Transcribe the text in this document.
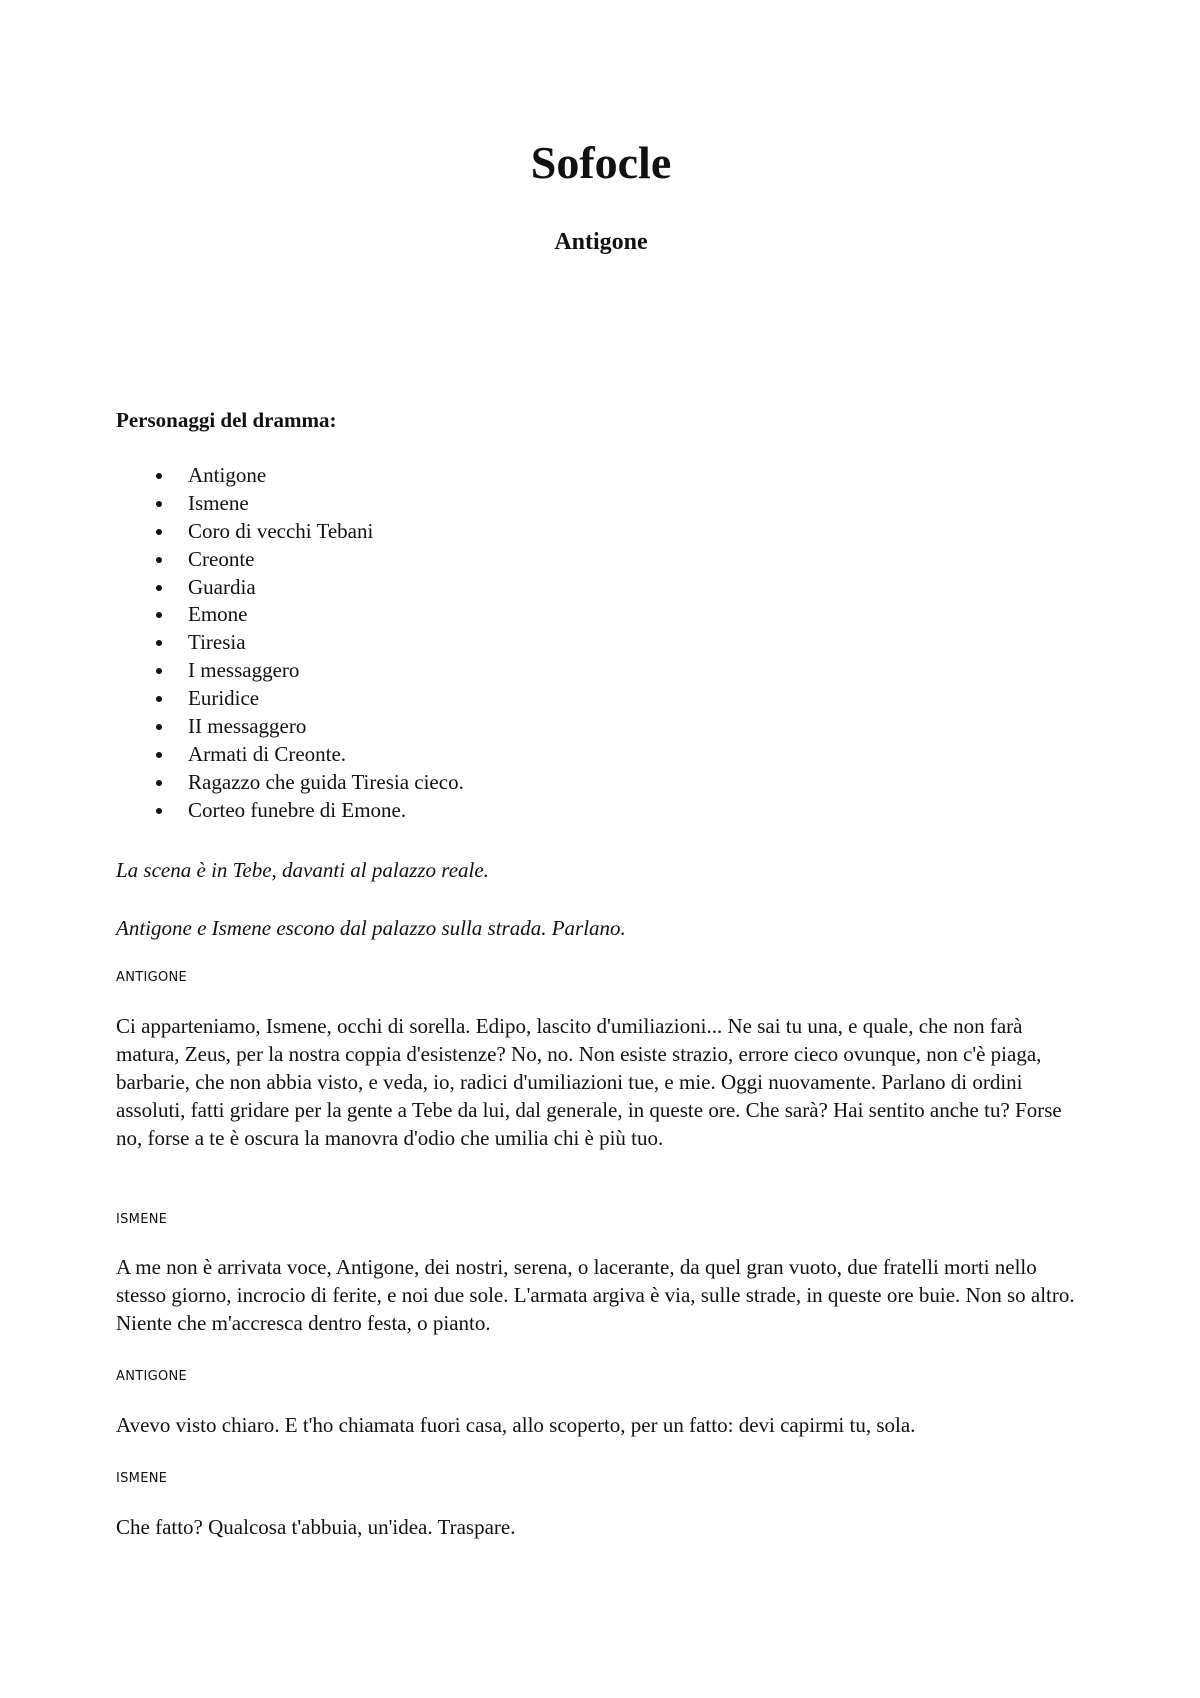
Sofocle
Antigone

Personaggi del dramma:

Antigone
Ismene
Coro di vecchi Tebani
Creonte
Guardia
Emone
Tiresia
I messaggero
Euridice
II messaggero
Armati di Creonte.
Ragazzo che guida Tiresia cieco.
Corteo funebre di Emone.

La scena è in Tebe, davanti al palazzo reale.

Antigone e Ismene escono dal palazzo sulla strada. Parlano.

ANTIGONE

Ci apparteniamo, Ismene, occhi di sorella. Edipo, lascito d'umiliazioni... Ne sai tu una, e quale, che non farà matura, Zeus, per la nostra coppia d'esistenze? No, no. Non esiste strazio, errore cieco ovunque, non c'è piaga, barbarie, che non abbia visto, e veda, io, radici d'umiliazioni tue, e mie. Oggi nuovamente. Parlano di ordini assoluti, fatti gridare per la gente a Tebe da lui, dal generale, in queste ore. Che sarà? Hai sentito anche tu? Forse no, forse a te è oscura la manovra d'odio che umilia chi è più tuo.

ISMENE

A me non è arrivata voce, Antigone, dei nostri, serena, o lacerante, da quel gran vuoto, due fratelli morti nello stesso giorno, incrocio di ferite, e noi due sole. L'armata argiva è via, sulle strade, in queste ore buie. Non so altro. Niente che m'accresca dentro festa, o pianto.

ANTIGONE

Avevo visto chiaro. E t'ho chiamata fuori casa, allo scoperto, per un fatto: devi capirmi tu, sola.

ISMENE

Che fatto? Qualcosa t'abbuia, un'idea. Traspare.
